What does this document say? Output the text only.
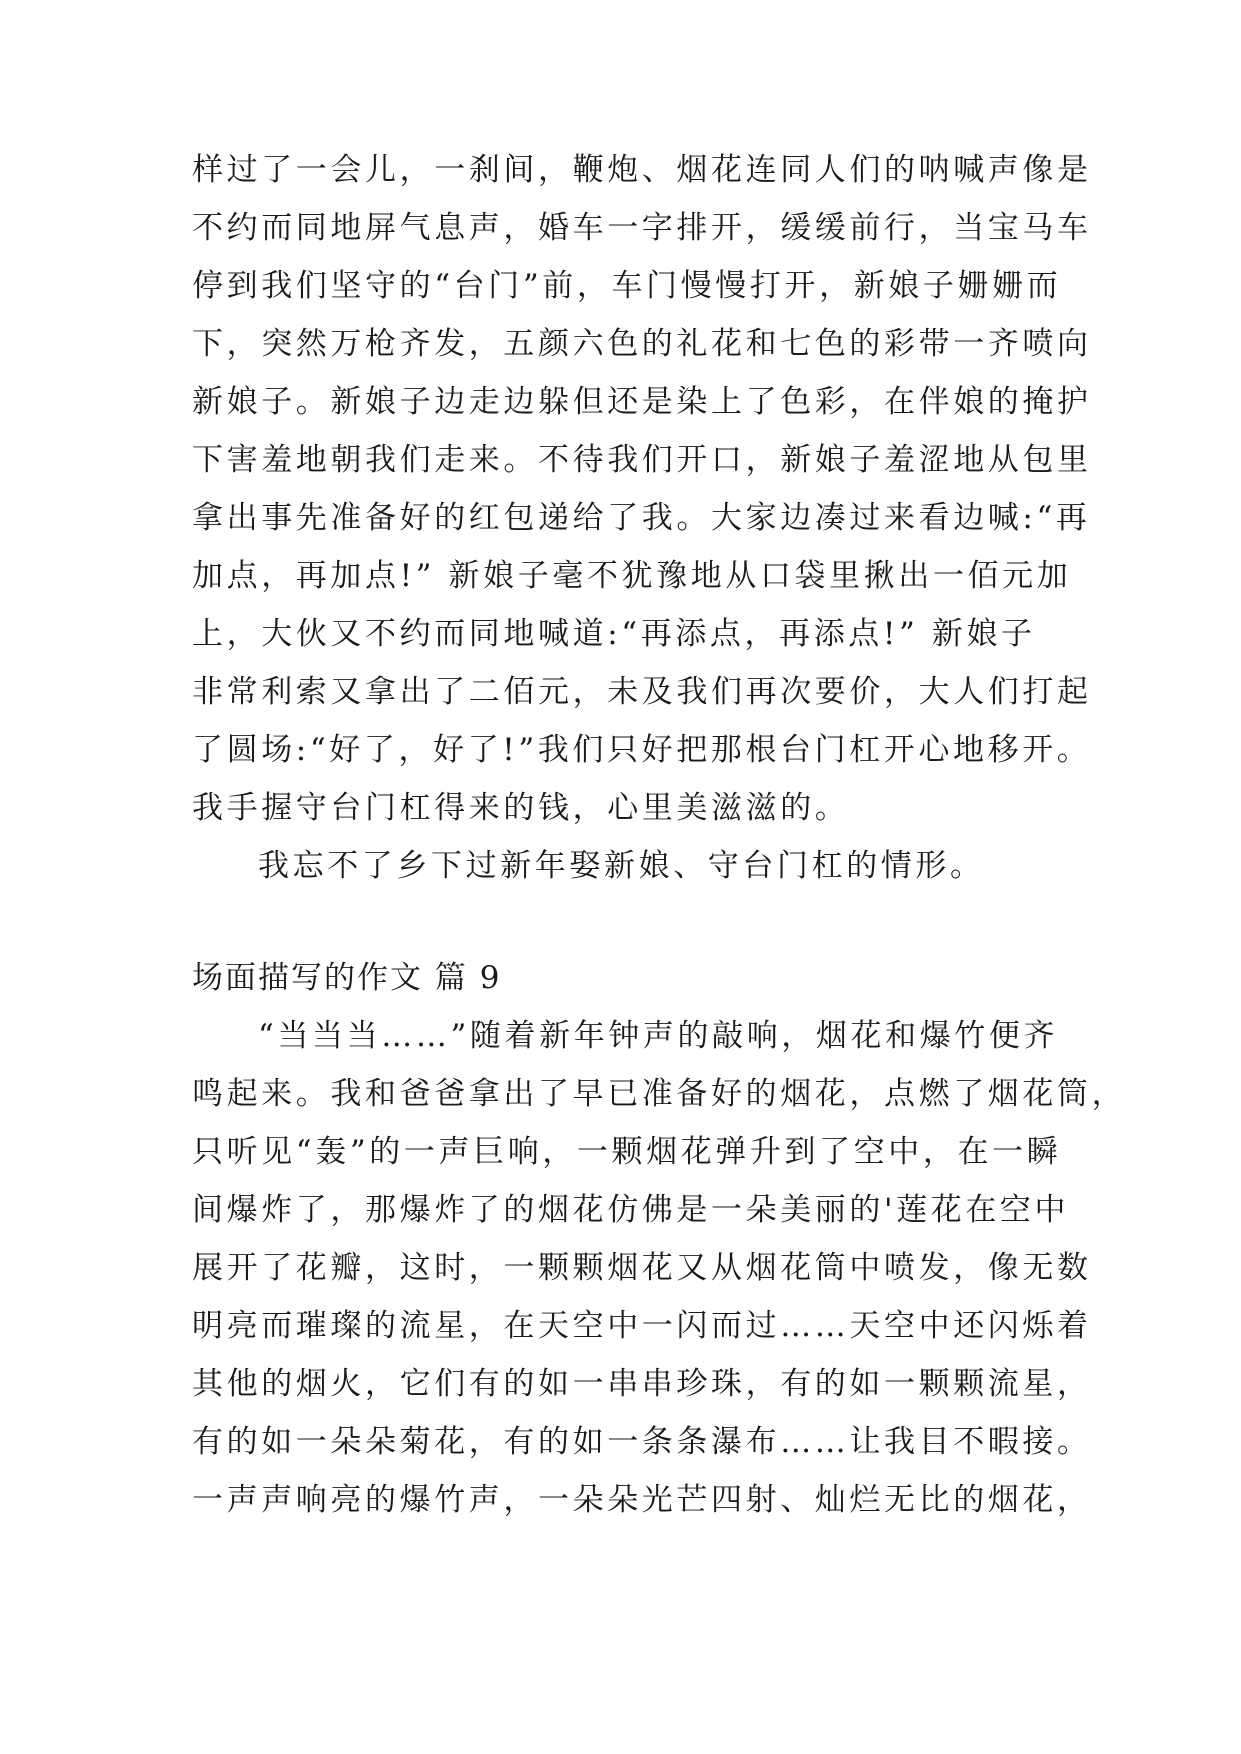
样过了一会儿，一刹间，鞭炮、烟花连同人们的呐喊声像是
不约而同地屏气息声，婚车一字排开，缓缓前行，当宝马车
停到我们坚守的“台门”前，车门慢慢打开，新娘子姗姗而
下，突然万枪齐发，五颜六色的礼花和七色的彩带一齐喷向
新娘子。新娘子边走边躲但还是染上了色彩，在伴娘的掩护
下害羞地朝我们走来。不待我们开口，新娘子羞涩地从包里
拿出事先准备好的红包递给了我。大家边凑过来看边喊:“再
加点，再加点!” 新娘子毫不犹豫地从口袋里揪出一佰元加
上，大伙又不约而同地喊道:“再添点，再添点!” 新娘子
非常利索又拿出了二佰元，未及我们再次要价，大人们打起
了圆场:“好了，好了!”我们只好把那根台门杠开心地移开。
我手握守台门杠得来的钱，心里美滋滋的。
我忘不了乡下过新年娶新娘、守台门杠的情形。
场面描写的作文 篇 9
“当当当……”随着新年钟声的敲响，烟花和爆竹便齐
鸣起来。我和爸爸拿出了早已准备好的烟花，点燃了烟花筒，
只听见“轰”的一声巨响，一颗烟花弹升到了空中，在一瞬
间爆炸了，那爆炸了的烟花仿佛是一朵美丽的'莲花在空中
展开了花瓣，这时，一颗颗烟花又从烟花筒中喷发，像无数
明亮而璀璨的流星，在天空中一闪而过……天空中还闪烁着
其他的烟火，它们有的如一串串珍珠，有的如一颗颗流星，
有的如一朵朵菊花，有的如一条条瀑布……让我目不暇接。
一声声响亮的爆竹声，一朵朵光芒四射、灿烂无比的烟花，
